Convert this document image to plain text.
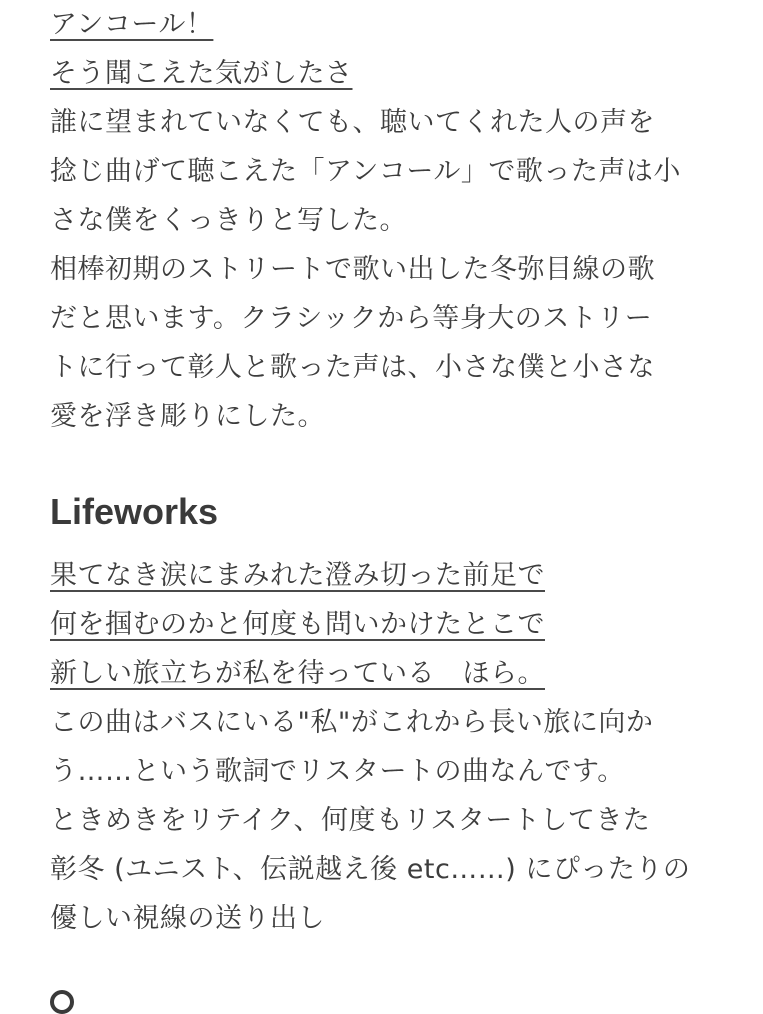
アンコール！

そう聞こえた気がしたさ

誰に望まれていなくても、聴いてくれた人の声を

捻じ曲げて聴こえた「アンコール」で歌った声は小

さな僕をくっきりと写した。

相棒初期のストリートで歌い出した冬弥目線の歌

だと思います。クラシックから等身大のストリー

トに行って彰人と歌った声は、小さな僕と小さな

愛を浮き彫りにした。

Lifeworks

果てなき涙にまみれた澄み切った前足で

何を掴むのかと何度も問いかけたとこで

新しい旅立ちが私を待っている　ほら。

この曲はバスにいる"私"がこれから長い旅に向か

う……という歌詞でリスタートの曲なんです。

ときめきをリテイク、何度もリスタートしてきた

彰冬 (ユニスト、伝説越え後 etc……) にぴったりの

優しい視線の送り出し
